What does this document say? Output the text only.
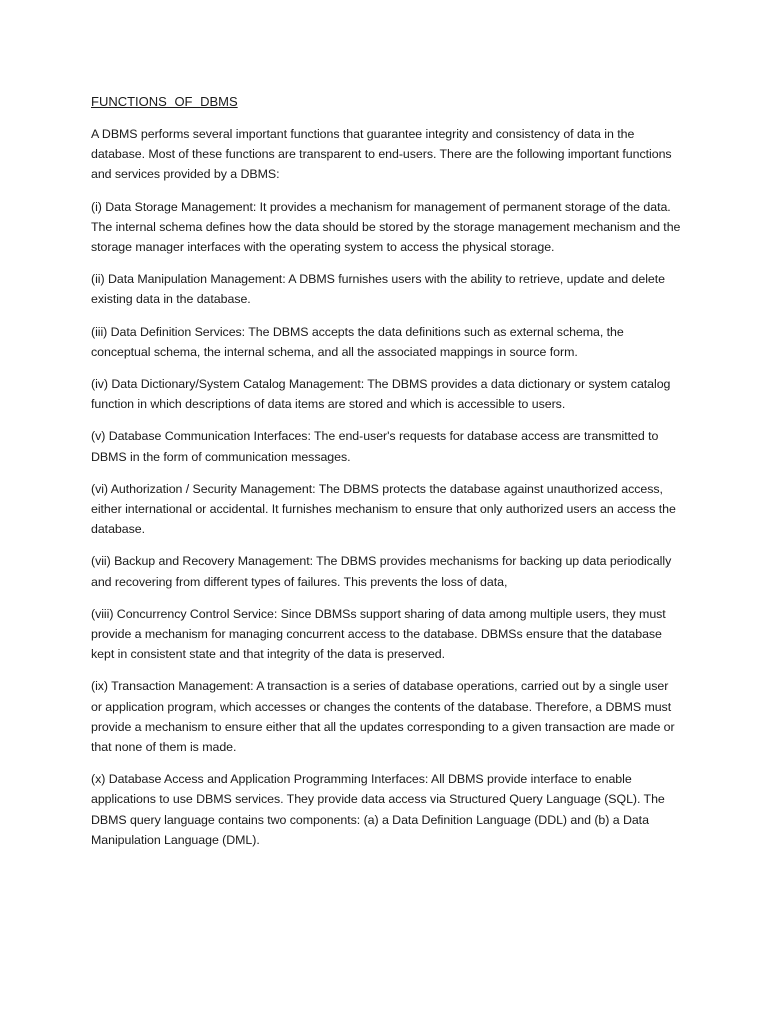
FUNCTIONS OF DBMS

A DBMS performs several important functions that guarantee integrity and consistency of data in the database. Most of these functions are transparent to end-users. There are the following important functions and services provided by a DBMS:

(i) Data Storage Management: It provides a mechanism for management of permanent storage of the data. The internal schema defines how the data should be stored by the storage management mechanism and the storage manager interfaces with the operating system to access the physical storage.

(ii) Data Manipulation Management: A DBMS furnishes users with the ability to retrieve, update and delete existing data in the database.

(iii) Data Definition Services: The DBMS accepts the data definitions such as external schema, the conceptual schema, the internal schema, and all the associated mappings in source form.

(iv) Data Dictionary/System Catalog Management: The DBMS provides a data dictionary or system catalog function in which descriptions of data items are stored and which is accessible to users.

(v) Database Communication Interfaces: The end-user's requests for database access are transmitted to DBMS in the form of communication messages.

(vi) Authorization / Security Management: The DBMS protects the database against unauthorized access, either international or accidental. It furnishes mechanism to ensure that only authorized users an access the database.

(vii) Backup and Recovery Management: The DBMS provides mechanisms for backing up data periodically and recovering from different types of failures. This prevents the loss of data,

(viii) Concurrency Control Service: Since DBMSs support sharing of data among multiple users, they must provide a mechanism for managing concurrent access to the database. DBMSs ensure that the database kept in consistent state and that integrity of the data is preserved.

(ix) Transaction Management: A transaction is a series of database operations, carried out by a single user or application program, which accesses or changes the contents of the database. Therefore, a DBMS must provide a mechanism to ensure either that all the updates corresponding to a given transaction are made or that none of them is made.

(x) Database Access and Application Programming Interfaces: All DBMS provide interface to enable applications to use DBMS services. They provide data access via Structured Query Language (SQL). The DBMS query language contains two components: (a) a Data Definition Language (DDL) and (b) a Data Manipulation Language (DML).
